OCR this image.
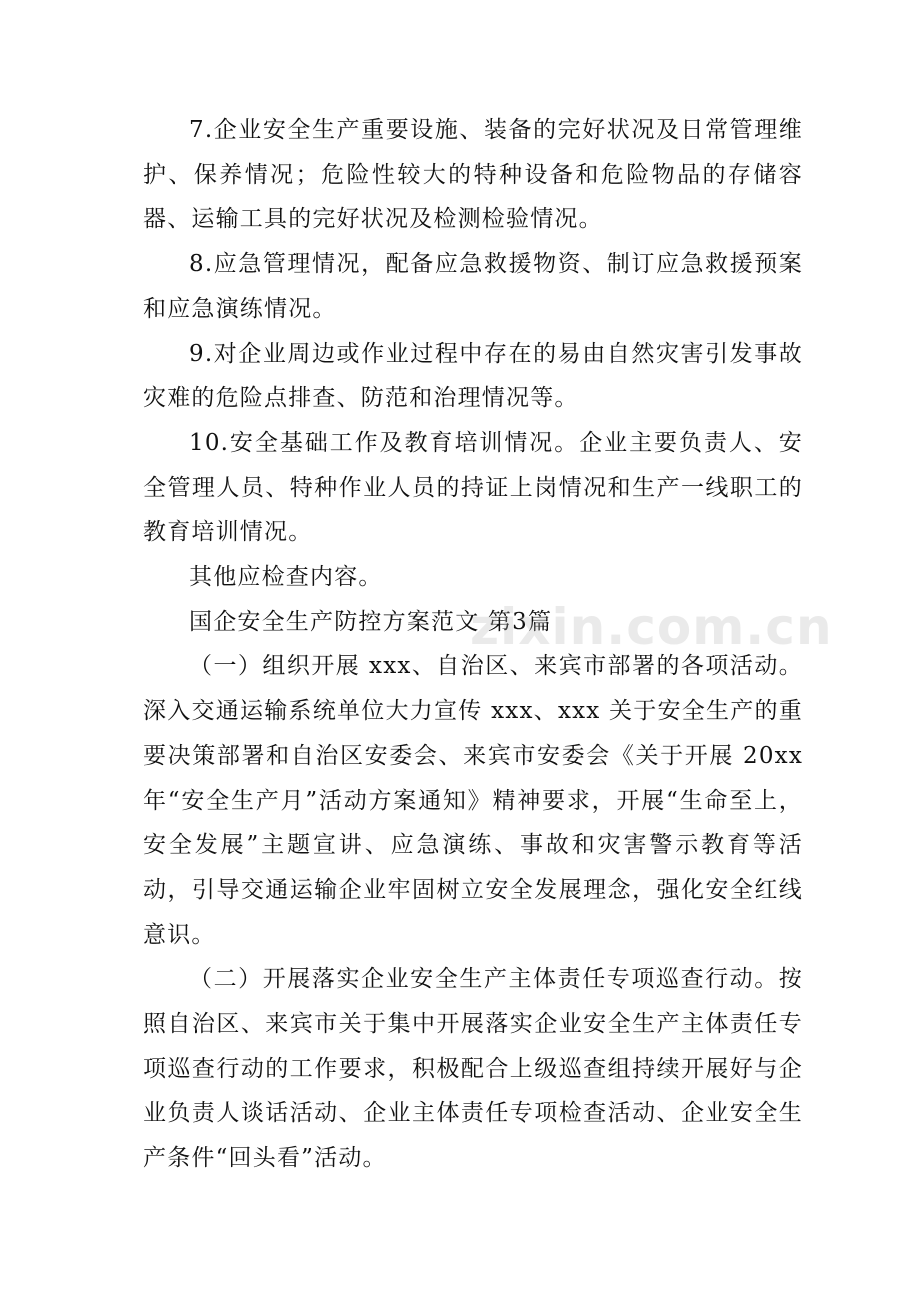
7.企业安全生产重要设施、装备的完好状况及日常管理维护、保养情况；危险性较大的特种设备和危险物品的存储容器、运输工具的完好状况及检测检验情况。

8.应急管理情况，配备应急救援物资、制订应急救援预案和应急演练情况。

9.对企业周边或作业过程中存在的易由自然灾害引发事故灾难的危险点排查、防范和治理情况等。

10.安全基础工作及教育培训情况。企业主要负责人、安全管理人员、特种作业人员的持证上岗情况和生产一线职工的教育培训情况。

其他应检查内容。

国企安全生产防控方案范文 第3篇

（一）组织开展 xxx、自治区、来宾市部署的各项活动。深入交通运输系统单位大力宣传 xxx、xxx 关于安全生产的重要决策部署和自治区安委会、来宾市安委会《关于开展 20xx 年“安全生产月”活动方案通知》精神要求，开展“生命至上，安全发展”主题宣讲、应急演练、事故和灾害警示教育等活动，引导交通运输企业牢固树立安全发展理念，强化安全红线意识。

（二）开展落实企业安全生产主体责任专项巡查行动。按照自治区、来宾市关于集中开展落实企业安全生产主体责任专项巡查行动的工作要求，积极配合上级巡查组持续开展好与企业负责人谈话活动、企业主体责任专项检查活动、企业安全生产条件“回头看”活动。

zixin.com.cn
